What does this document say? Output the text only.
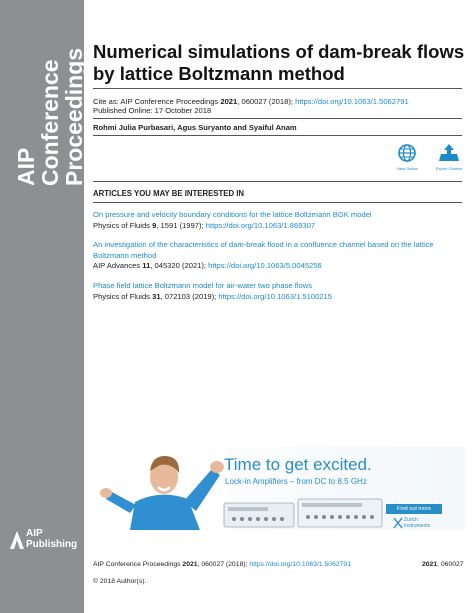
AIP Conference
Proceedings
AIP
Publishing
Numerical simulations of dam-break flows by lattice Boltzmann method
Cite as: AIP Conference Proceedings 2021, 060027 (2018); https://doi.org/10.1063/1.5062791
Published Online: 17 October 2018
Rohmi Julia Purbasari, Agus Suryanto and Syaiful Anam
View Online	Export Citation
ARTICLES YOU MAY BE INTERESTED IN
On pressure and velocity boundary conditions for the lattice Boltzmann BGK model
Physics of Fluids 9, 1591 (1997); https://doi.org/10.1063/1.869307
An investigation of the characteristics of dam-break flood in a confluence channel based on the lattice Boltzmann method
AIP Advances 11, 045320 (2021); https://doi.org/10.1063/5.0045256
Phase field lattice Boltzmann model for air-water two phase flows
Physics of Fluids 31, 072103 (2019); https://doi.org/10.1063/1.5100215
AIP Conference Proceedings 2021, 060027 (2018); https://doi.org/10.1063/1.5062791	2021, 060027
© 2018 Author(s).
Time to get excited.
Lock-in Amplifiers – from DC to 8.5 GHz
Find out more
Zurich
Instruments
